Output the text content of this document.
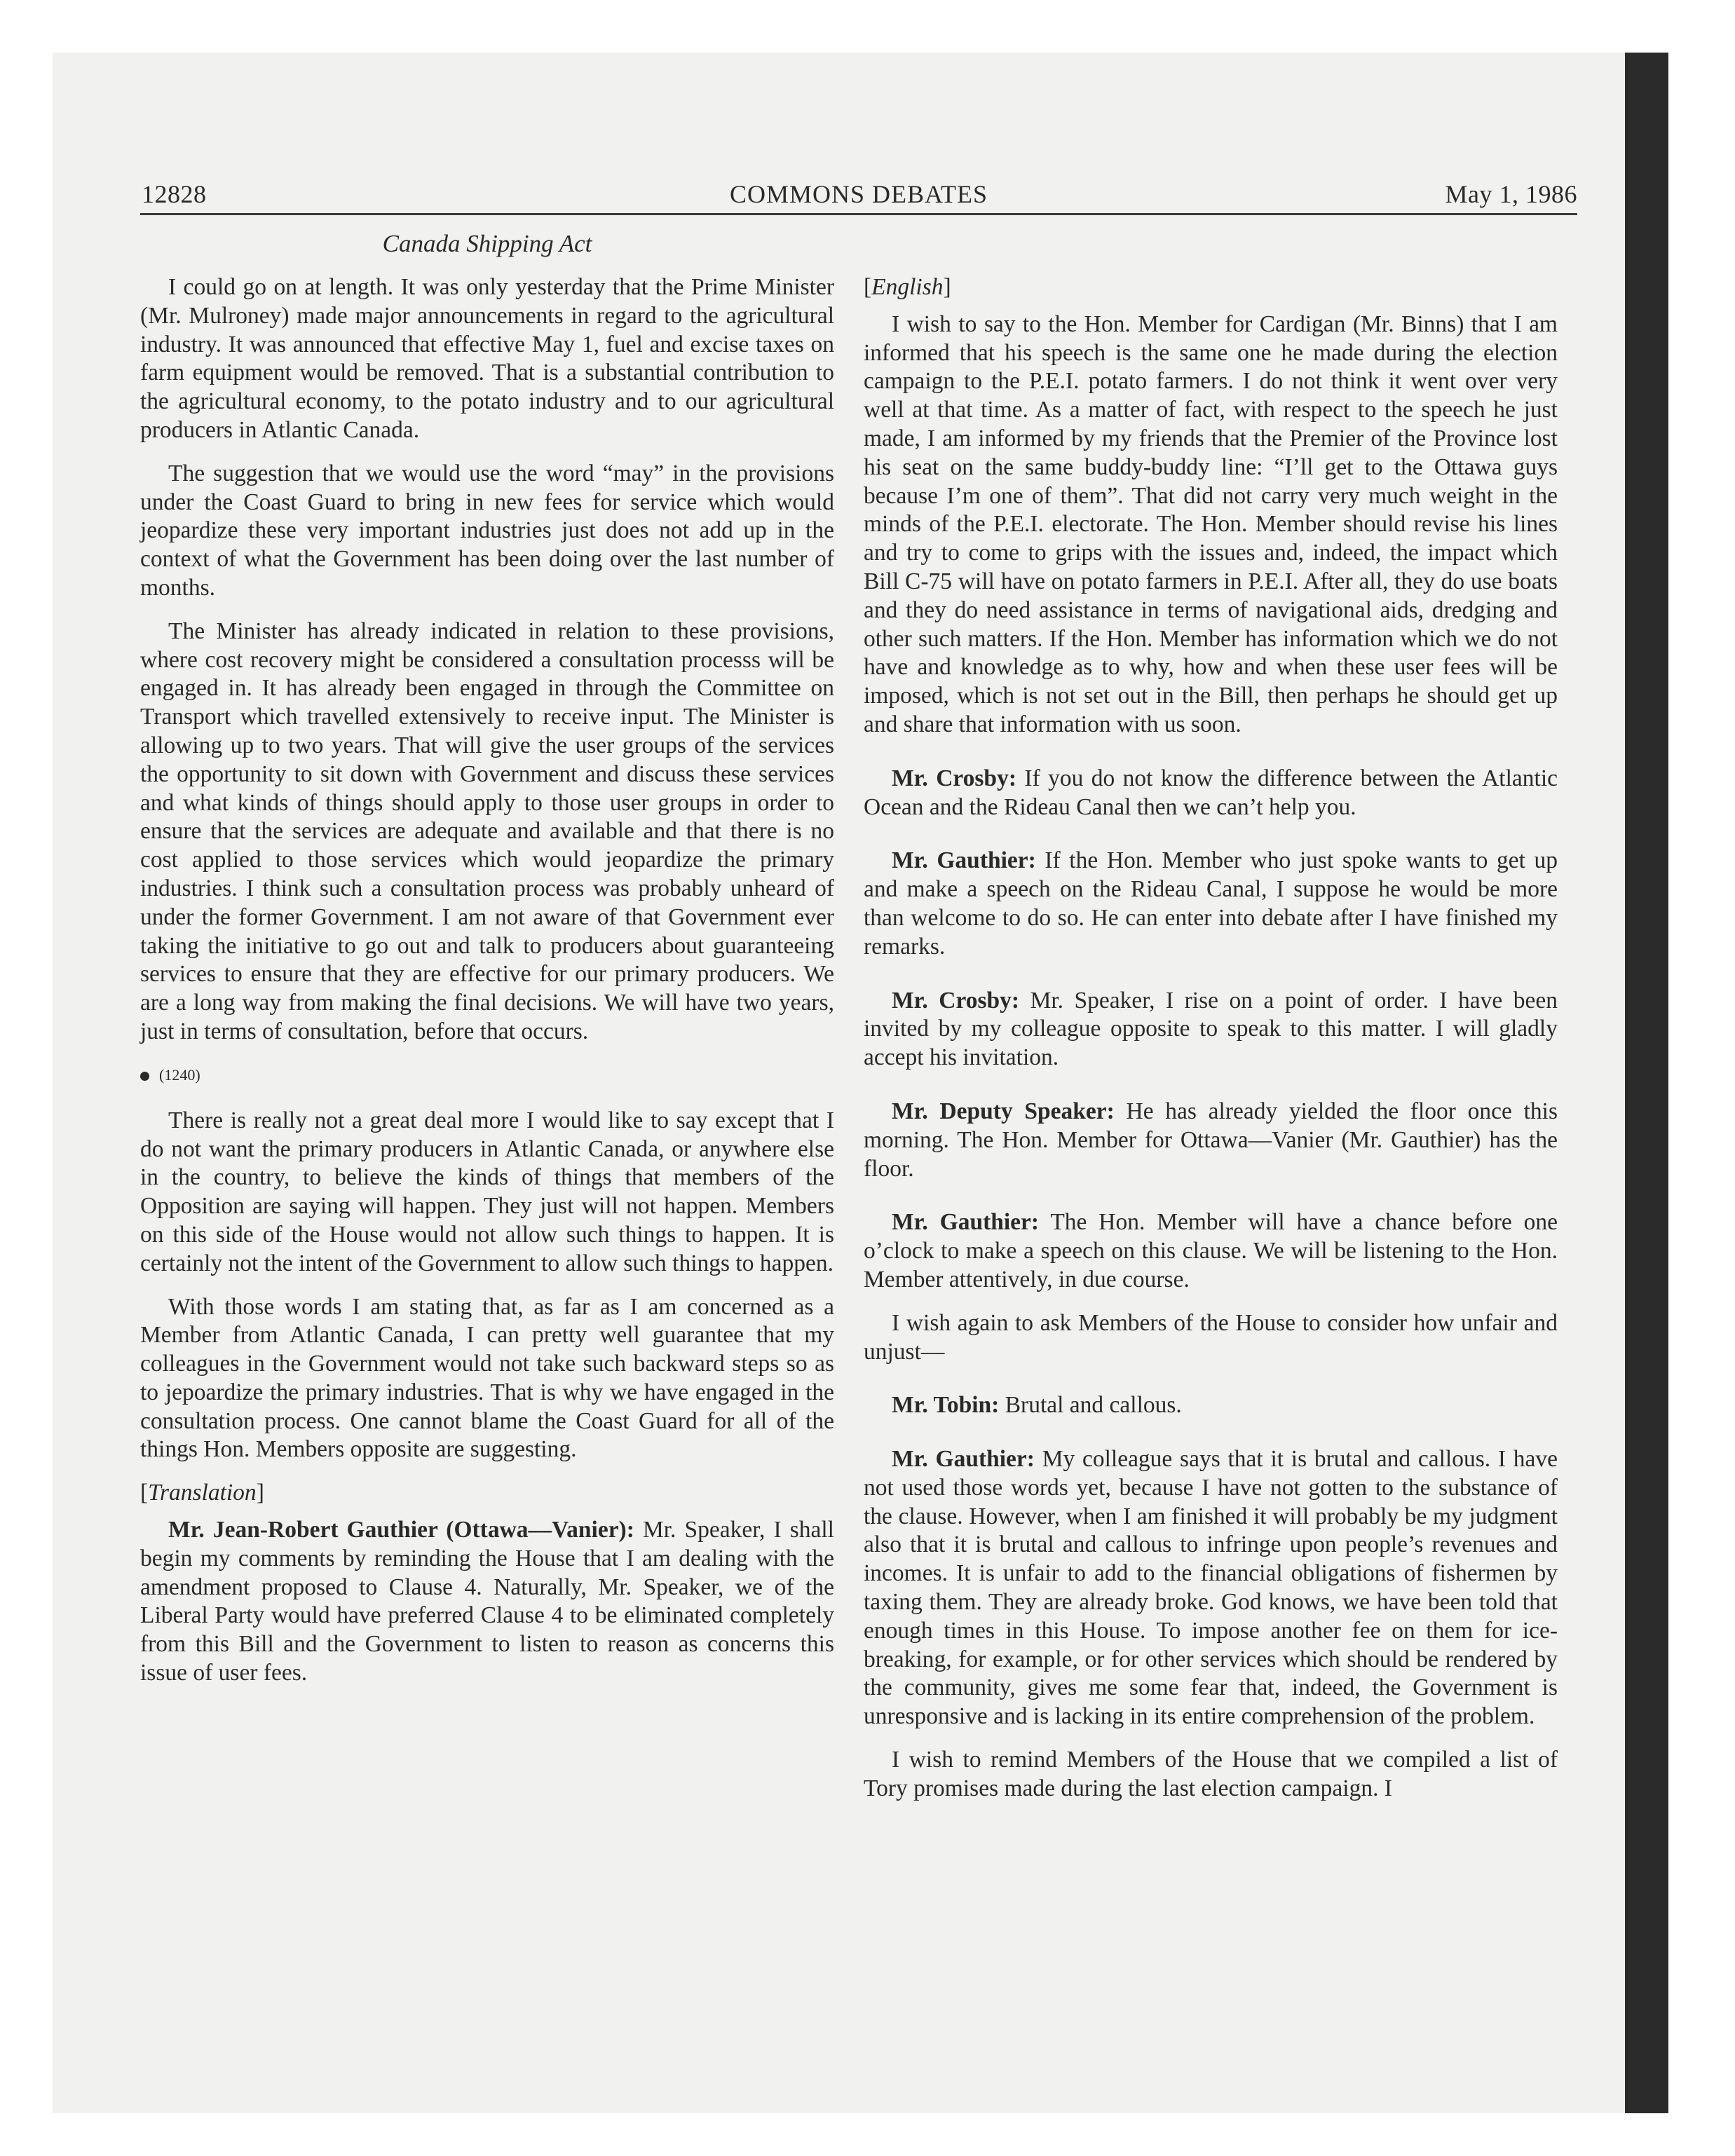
12828	COMMONS DEBATES	May 1, 1986
Canada Shipping Act

I could go on at length. It was only yesterday that the Prime Minister (Mr. Mulroney) made major announcements in regard to the agricultural industry. It was announced that effective May 1, fuel and excise taxes on farm equipment would be removed. That is a substantial contribution to the agricultural economy, to the potato industry and to our agricultural producers in Atlantic Canada.

The suggestion that we would use the word “may” in the provisions under the Coast Guard to bring in new fees for service which would jeopardize these very important industries just does not add up in the context of what the Government has been doing over the last number of months.

The Minister has already indicated in relation to these provisions, where cost recovery might be considered a consultation processs will be engaged in. It has already been engaged in through the Committee on Transport which travelled extensively to receive input. The Minister is allowing up to two years. That will give the user groups of the services the opportunity to sit down with Government and discuss these services and what kinds of things should apply to those user groups in order to ensure that the services are adequate and available and that there is no cost applied to those services which would jeopardize the primary industries. I think such a consultation process was probably unheard of under the former Government. I am not aware of that Government ever taking the initiative to go out and talk to producers about guaranteeing services to ensure that they are effective for our primary producers. We are a long way from making the final decisions. We will have two years, just in terms of consultation, before that occurs.

(1240)

There is really not a great deal more I would like to say except that I do not want the primary producers in Atlantic Canada, or anywhere else in the country, to believe the kinds of things that members of the Opposition are saying will happen. They just will not happen. Members on this side of the House would not allow such things to happen. It is certainly not the intent of the Government to allow such things to happen.

With those words I am stating that, as far as I am concerned as a Member from Atlantic Canada, I can pretty well guarantee that my colleagues in the Government would not take such backward steps so as to jepoardize the primary industries. That is why we have engaged in the consultation process. One cannot blame the Coast Guard for all of the things Hon. Members opposite are suggesting.

[Translation]

Mr. Jean-Robert Gauthier (Ottawa—Vanier): Mr. Speaker, I shall begin my comments by reminding the House that I am dealing with the amendment proposed to Clause 4. Naturally, Mr. Speaker, we of the Liberal Party would have preferred Clause 4 to be eliminated completely from this Bill and the Government to listen to reason as concerns this issue of user fees.

[English]

I wish to say to the Hon. Member for Cardigan (Mr. Binns) that I am informed that his speech is the same one he made during the election campaign to the P.E.I. potato farmers. I do not think it went over very well at that time. As a matter of fact, with respect to the speech he just made, I am informed by my friends that the Premier of the Province lost his seat on the same buddy-buddy line: “I’ll get to the Ottawa guys because I’m one of them”. That did not carry very much weight in the minds of the P.E.I. electorate. The Hon. Member should revise his lines and try to come to grips with the issues and, indeed, the impact which Bill C-75 will have on potato farmers in P.E.I. After all, they do use boats and they do need assistance in terms of navigational aids, dredging and other such matters. If the Hon. Member has information which we do not have and knowledge as to why, how and when these user fees will be imposed, which is not set out in the Bill, then perhaps he should get up and share that information with us soon.

Mr. Crosby: If you do not know the difference between the Atlantic Ocean and the Rideau Canal then we can’t help you.

Mr. Gauthier: If the Hon. Member who just spoke wants to get up and make a speech on the Rideau Canal, I suppose he would be more than welcome to do so. He can enter into debate after I have finished my remarks.

Mr. Crosby: Mr. Speaker, I rise on a point of order. I have been invited by my colleague opposite to speak to this matter. I will gladly accept his invitation.

Mr. Deputy Speaker: He has already yielded the floor once this morning. The Hon. Member for Ottawa—Vanier (Mr. Gauthier) has the floor.

Mr. Gauthier: The Hon. Member will have a chance before one o’clock to make a speech on this clause. We will be listening to the Hon. Member attentively, in due course.

I wish again to ask Members of the House to consider how unfair and unjust—

Mr. Tobin: Brutal and callous.

Mr. Gauthier: My colleague says that it is brutal and callous. I have not used those words yet, because I have not gotten to the substance of the clause. However, when I am finished it will probably be my judgment also that it is brutal and callous to infringe upon people’s revenues and incomes. It is unfair to add to the financial obligations of fishermen by taxing them. They are already broke. God knows, we have been told that enough times in this House. To impose another fee on them for ice-breaking, for example, or for other services which should be rendered by the community, gives me some fear that, indeed, the Government is unresponsive and is lacking in its entire comprehension of the problem.

I wish to remind Members of the House that we compiled a list of Tory promises made during the last election campaign. I
